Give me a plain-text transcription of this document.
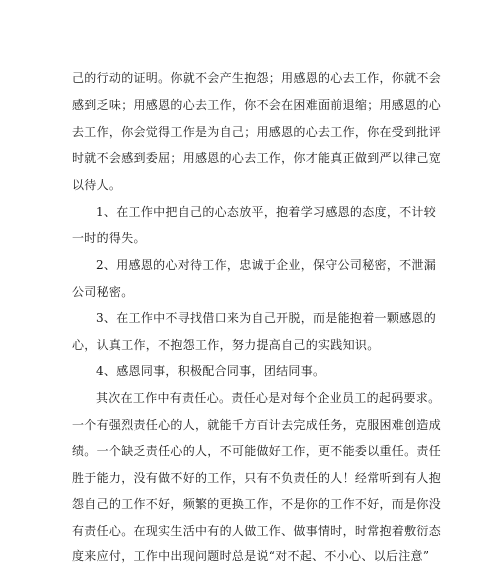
己的行动的证明。你就不会产生抱怨；用感恩的心去工作，你就不会
感到乏味；用感恩的心去工作，你不会在困难面前退缩；用感恩的心
去工作，你会觉得工作是为自己；用感恩的心去工作，你在受到批评
时就不会感到委屈；用感恩的心去工作，你才能真正做到严以律己宽
以待人。
1、在工作中把自己的心态放平，抱着学习感恩的态度，不计较
一时的得失。
2、用感恩的心对待工作，忠诚于企业，保守公司秘密，不泄漏
公司秘密。
3、在工作中不寻找借口来为自己开脱，而是能抱着一颗感恩的
心，认真工作，不抱怨工作，努力提高自己的实践知识。
4、感恩同事，积极配合同事，团结同事。
其次在工作中有责任心。责任心是对每个企业员工的起码要求。
一个有强烈责任心的人，就能千方百计去完成任务，克服困难创造成
绩。一个缺乏责任心的人，不可能做好工作，更不能委以重任。责任
胜于能力，没有做不好的工作，只有不负责任的人！经常听到有人抱
怨自己的工作不好，频繁的更换工作，不是你的工作不好，而是你没
有责任心。在现实生活中有的人做工作、做事情时，时常抱着敷衍态
度来应付，工作中出现问题时总是说“对不起、不小心、以后注意”
